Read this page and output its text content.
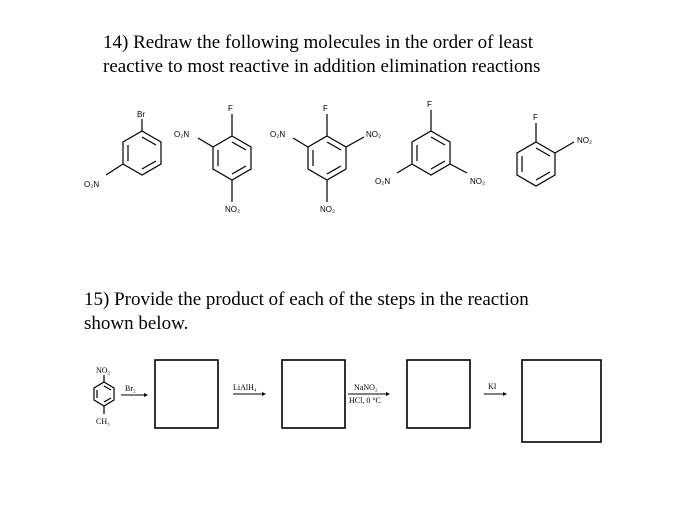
14) Redraw the following molecules in the order of least
reactive to most reactive in addition elimination reactions
15) Provide the product of each of the steps in the reaction
shown below.
Br
O₂N
F
O₂N
NO₂
F
O₂N	NO₂
NO₂
F
O₂N	NO₂
F
NO₂
NO₂
CH₃
Br₂	LiAlH₄	NaNO₂
HCl, 0 °C
KI
